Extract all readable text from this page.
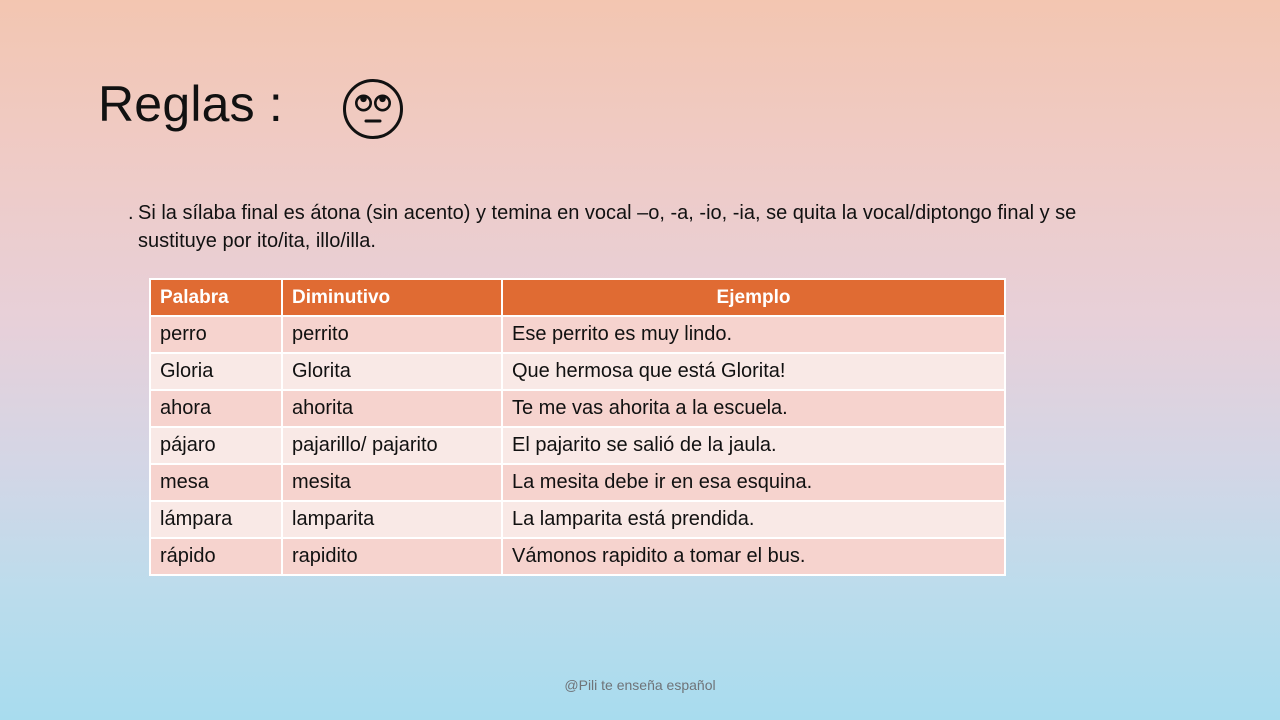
Reglas :
. Si la sílaba final es átona (sin acento) y temina en vocal –o, -a, -io, -ia, se quita la vocal/diptongo final y se
sustituye por ito/ita, illo/illa.
Palabra	Diminutivo	Ejemplo
perro	perrito	Ese perrito es muy lindo.
Gloria	Glorita	Que hermosa que está Glorita!
ahora	ahorita	Te me vas ahorita a la escuela.
pájaro	pajarillo/ pajarito	El pajarito se salió de la jaula.
mesa	mesita	La mesita debe ir en esa esquina.
lámpara	lamparita	La lamparita está prendida.
rápido	rapidito	Vámonos rapidito a tomar el bus.
@Pili te enseña español
